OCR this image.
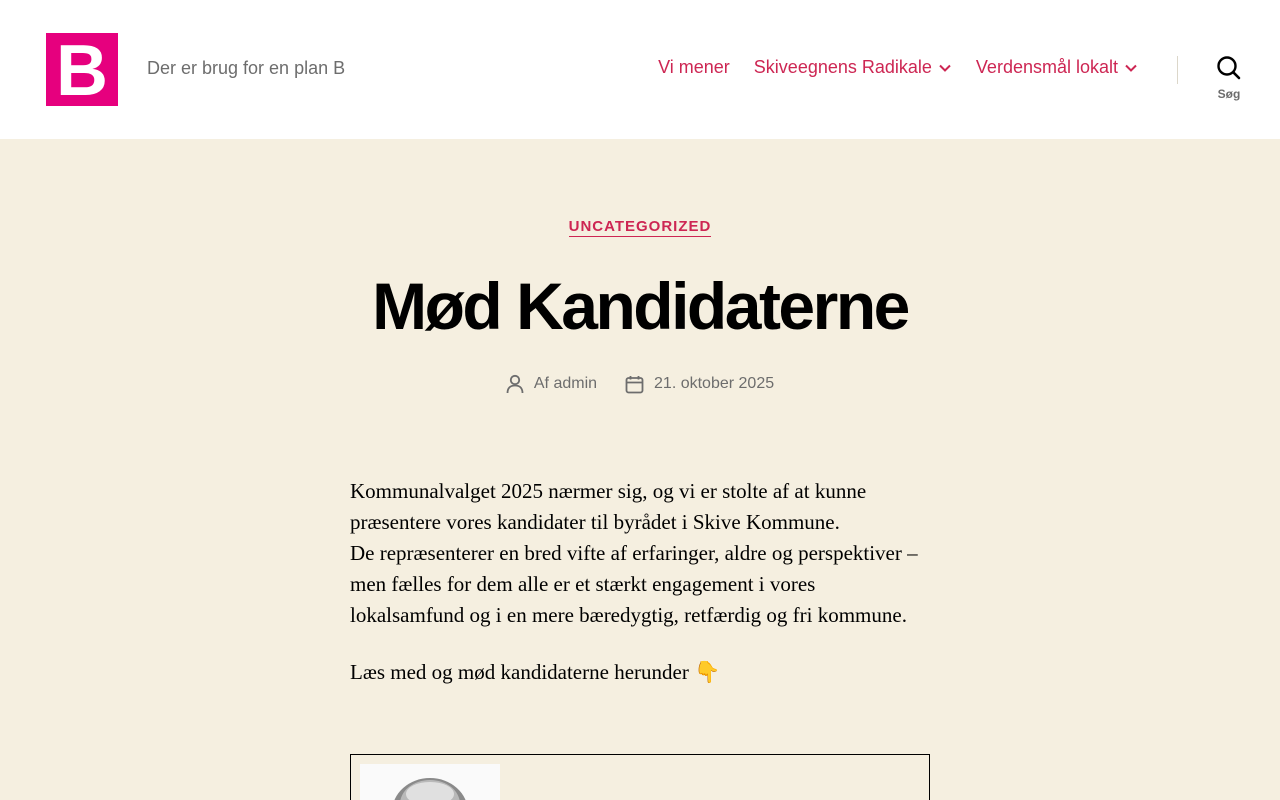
B Der er brug for en plan B	Vi mener Skiveegnens Radikale Verdensmål lokalt
Søg
UNCATEGORIZED
Mød Kandidaterne
Af admin	21. oktober 2025

Kommunalvalget 2025 nærmer sig, og vi er stolte af at kunne præsentere vores kandidater til byrådet i Skive Kommune.
De repræsenterer en bred vifte af erfaringer, aldre og perspektiver – men fælles for dem alle er et stærkt engagement i vores lokalsamfund og i en mere bæredygtig, retfærdig og fri kommune.

Læs med og mød kandidaterne herunder 👇
